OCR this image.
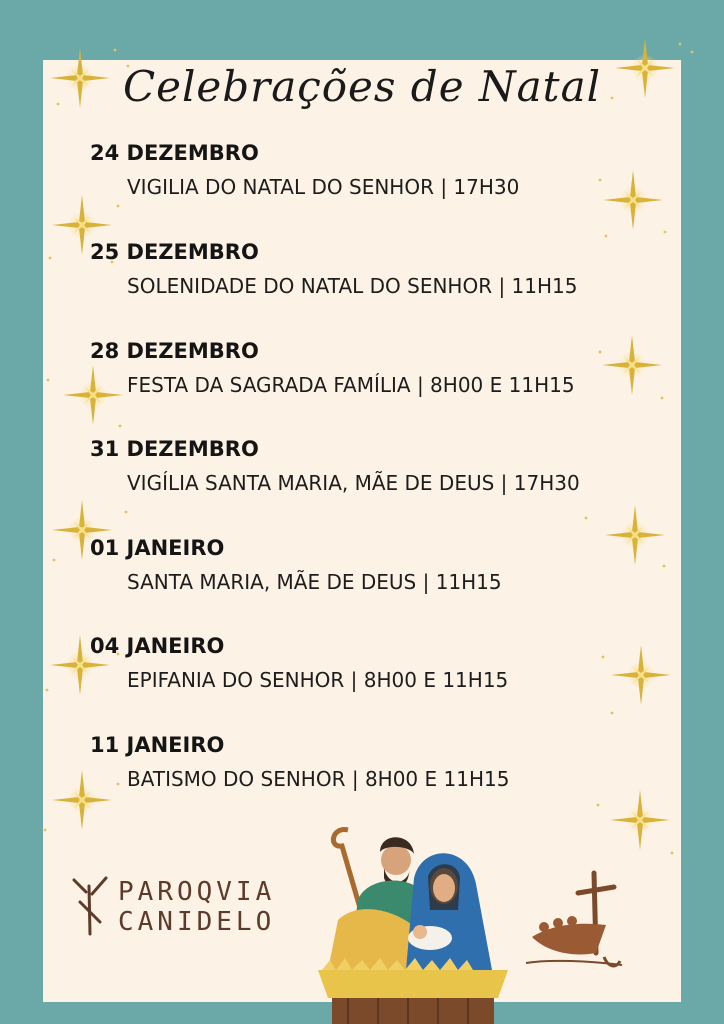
Celebrações de Natal
24 DEZEMBRO
VIGILIA DO NATAL DO SENHOR | 17H30
25 DEZEMBRO
SOLENIDADE DO NATAL DO SENHOR | 11H15
28 DEZEMBRO
FESTA DA SAGRADA FAMÍLIA | 8H00 E 11H15
31 DEZEMBRO
VIGÍLIA SANTA MARIA, MÃE DE DEUS | 17H30
01 JANEIRO
SANTA MARIA, MÃE DE DEUS | 11H15
04 JANEIRO
EPIFANIA DO SENHOR | 8H00 E 11H15
11 JANEIRO
BATISMO DO SENHOR | 8H00 E 11H15
PAROQVIA
CANIDELO
